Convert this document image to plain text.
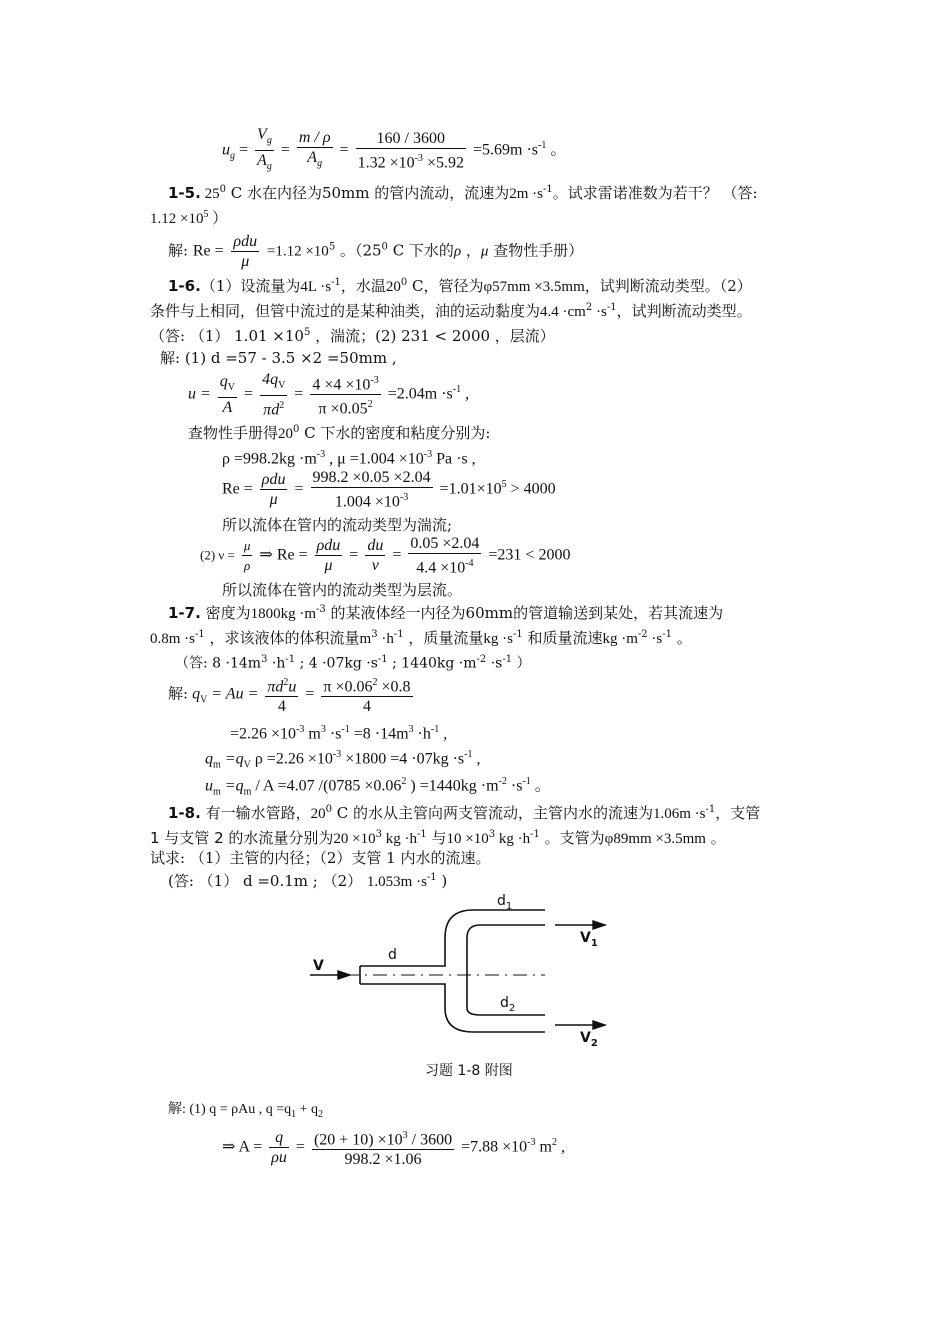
$u_g = \frac{V_g}{A_g} = \frac{m / \rho}{A_g} = \frac{160 / 3600}{1.32 \times 10^{-3} \times 5.92} =5.69m \cdot s^{-1}$ 。
1-5. $25^0$ C 水在内径为50mm 的管内流动，流速为$2m \cdot s^{-1}$。试求雷诺准数为若干？ （答:
$1.12 \times 10^5$ ）
解: $Re = \frac{\text{ρdu}}{\mu} =1.12 \times 10^5$ 。（$25^0$ C 下水的ρ ，μ 查物性手册）
1-6.（1）设流量为$4L \cdot s^{-1}$，水温$20^0$ C，管径为φ57mm ×3.5mm，试判断流动类型。（2）
条件与上相同，但管中流过的是某种油类，油的运动黏度为$4.4 \cdot cm^2 \cdot s^{-1}$，试判断流动类型。
（答: （1） $1.01 \times 10^5$ ，湍流；(2) 231 < 2000 ，层流）
解: (1) d =57 - 3.5 ×2 =50mm ,
$u = \frac{q_V}{A} = \frac{4q_V}{\pi d^2} = \frac{4 \times 4 \times 10^{-3}}{\pi \times 0.05^2} =2.04m \cdot s^{-1}$ ,
查物性手册得$20^0$ C 下水的密度和粘度分别为:
$\rho =998.2kg \cdot m^{-3}$ , $\mu =1.004 \times 10^{-3}$ Pa ·s ,
$Re = \frac{\text{ρdu}}{\mu} = \frac{998.2 \times 0.05 \times 2.04}{1.004 \times 10^{-3}} =1.01\times 10^5 > 4000$
所以流体在管内的流动类型为湍流;
(2) $\nu = \frac{\mu}{\rho}$ ⇒ $Re = \frac{\text{ρdu}}{\mu} = \frac{du}{\nu} = \frac{0.05 \times 2.04}{4.4 \times 10^{-4}} =231 < 2000$
所以流体在管内的流动类型为层流。
1-7. 密度为$1800kg \cdot m^{-3}$ 的某液体经一内径为60mm的管道输送到某处，若其流速为
$0.8m \cdot s^{-1}$ ，求该液体的体积流量$m^3 \cdot h^{-1}$ ，质量流量kg $\cdot s^{-1}$ 和质量流速kg $\cdot m^{-2} \cdot s^{-1}$ 。
（答: $8 \cdot 14m^3 \cdot h^{-1}$ ; $4 \cdot 07kg \cdot s^{-1}$ ; $1440kg \cdot m^{-2} \cdot s^{-1}$ ）
解: $q_V = Au = \frac{\pi d^2u}{4} = \frac{\pi \times 0.06^2 \times 0.8}{4}$
$=2.26 \times 10^{-3}$ $m^3 \cdot s^{-1} =8 \cdot 14m^3 \cdot h^{-1}$ ,
$q_m =q_V$ $\rho =2.26 \times 10^{-3} \times 1800 =4 \cdot 07kg \cdot s^{-1}$ ,
$u_m =q_m / A =4.07$ $/(0785 \times 0.06^2$ ) $=1440kg \cdot m^{-2} \cdot s^{-1}$ 。
1-8. 有一输水管路，$20^0$ C 的水从主管向两支管流动，主管内水的流速为$1.06m \cdot s^{-1}$，支管
1 与支管 2 的水流量分别为$20 \times 10^3$ kg $\cdot h^{-1}$ 与$10 \times 10^3$ kg $\cdot h^{-1}$ 。支管为φ89mm ×3.5mm 。
试求: （1）主管的内径；（2）支管 1 内水的流速。
(答: （1） d =0.1m ; （2） $1.053m \cdot s^{-1}$ )
$d_1$
$V_1$
d
V
$d_2$
$V_2$
习题 1-8 附图
解: (1) q = ρAu , $q =q_1 + q_2$
⇒ $A = \frac{q}{\rho u} = \frac{(20 + 10) \times 10^3 / 3600}{998.2 \times 1.06} =7.88 \times 10^{-3}$ $m^2$ ,
